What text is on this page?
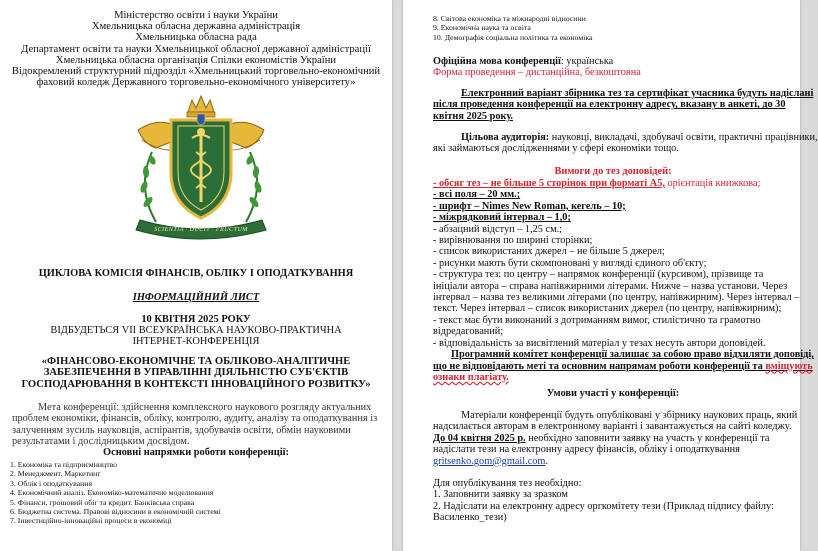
Міністерство освіти і науки України
Хмельницька обласна державна адміністрація
Хмельницька обласна рада
Департамент освіти та науки Хмельницької обласної державної адміністрації
Хмельницька обласна організація Спілки економістів України
Відокремлений структурний підрозділ «Хмельницький торговельно-економічний
фаховий коледж Державного торговельно-економічного університету»
SCIENTIA · DUCIT · FRUCTUM
ЦИКЛОВА КОМІСІЯ ФІНАНСІВ, ОБЛІКУ І ОПОДАТКУВАННЯ
ІНФОРМАЦІЙНИЙ ЛИСТ
10 КВІТНЯ 2025 РОКУ
ВІДБУДЕТЬСЯ VII ВСЕУКРАЇНСЬКА НАУКОВО-ПРАКТИЧНА
ІНТЕРНЕТ-КОНФЕРЕНЦІЯ
«ФІНАНСОВО-ЕКОНОМІЧНЕ ТА ОБЛІКОВО-АНАЛІТИЧНЕ
ЗАБЕЗПЕЧЕННЯ В УПРАВЛІННІ ДІЯЛЬНІСТЮ СУБ'ЄКТІВ
ГОСПОДАРЮВАННЯ В КОНТЕКСТІ ІННОВАЦІЙНОГО РОЗВИТКУ»
Мета конференції: здійснення комплексного наукового розгляду актуальних
проблем економіки, фінансів, обліку, контролю, аудиту, аналізу та оподаткування із
залученням зусиль науковців, аспірантів, здобувачів освіти, обмін науковими
результатами і дослідницьким досвідом.
Основні напрямки роботи конференції:
1. Економіка та підприємництво
2. Менеджмент. Маркетинг
3. Облік і оподаткування
4. Економічний аналіз. Економіко-математичне моделювання
5. Фінанси, грошовий обіг та кредит. Банківська справа
6. Бюджетна система. Правові відносини в економічній системі
7. Інвестиційно-інноваційні процеси в економіці
8. Світова економіка та міжнародні відносини
9. Економічна наука та освіта
10. Демографія соціальна політика та економіка
Офіційна мова конференції: українська
Форма проведення – дистанційна, безкоштовна
Електронний варіант збірника тез та сертифікат учасника будуть надіслані
після проведення конференції на електронну адресу, вказану в анкеті, до 30
квітня 2025 року.
Цільова аудиторія: науковці, викладачі, здобувачі освіти, практичні працівники,
які займаються дослідженнями у сфері економіки тощо.
Вимоги до тез доповідей:
- обсяг тез – не більше 5 сторінок при форматі А5, орієнтація книжкова;
- всі поля – 20 мм.;
- шрифт – Nimes New Roman, кегель – 10;
- міжрядковий інтервал – 1,0;
- абзацний відступ – 1,25 см.;
- вирівнювання по ширині сторінки;
- список використаних джерел – не більше 5 джерел;
- рисунки мають бути скомпоновані у вигляді єдиного об'єкту;
- структура тез: по центру – напрямок конференції (курсивом), прізвище та
ініціали автора – справа напівжирними літерами. Нижче – назва установи. Через
інтервал – назва тез великими літерами (по центру, напівжирним). Через інтервал –
текст. Через інтервал – список використаних джерел (по центру, напівжирним);
- текст має бути виконаний з дотриманням вимог, стилістично та грамотно
відредагований;
- відповідальність за висвітлений матеріал у тезах несуть автори доповідей.
Програмний комітет конференції залишає за собою право відхиляти доповіді,
що не відповідають меті та основним напрямам роботи конференції та вміщують
ознаки плагіату.
Умови участі у конференції:
Матеріали конференції будуть опубліковані у збірнику наукових праць, який
надсилається авторам в електронному варіанті і завантажується на сайті коледжу.
До 04 квітня 2025 р. необхідно заповнити заявку на участь у конференції та
надіслати тези на електронну адресу фінансів, обліку і оподаткування
gritsenko.gom@gmail.com.
Для опублікування тез необхідно:
1. Заповнити заявку за зразком
2. Надіслати на електронну адресу оргкомітету тези (Приклад підпису файлу:
Василенко_тези)
